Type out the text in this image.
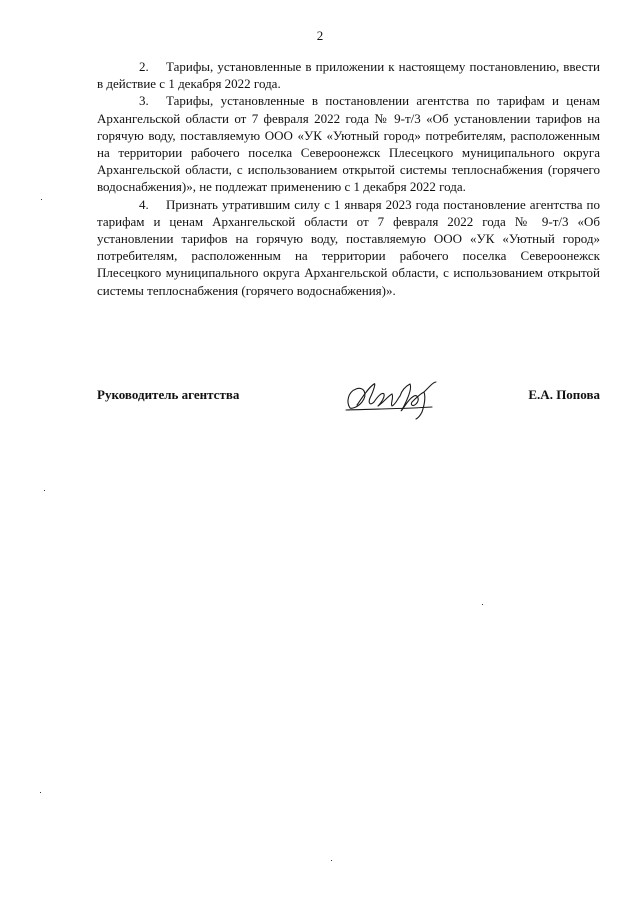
2

2. Тарифы, установленные в приложении к настоящему постановлению, ввести в действие с 1 декабря 2022 года.

3. Тарифы, установленные в постановлении агентства по тарифам и ценам Архангельской области от 7 февраля 2022 года № 9-т/3 «Об установлении тарифов на горячую воду, поставляемую ООО «УК «Уютный город» потребителям, расположенным на территории рабочего поселка Североонежск Плесецкого муниципального округа Архангельской области, с использованием открытой системы теплоснабжения (горячего водоснабжения)», не подлежат применению с 1 декабря 2022 года.

4. Признать утратившим силу с 1 января 2023 года постановление агентства по тарифам и ценам Архангельской области от 7 февраля 2022 года № 9-т/3 «Об установлении тарифов на горячую воду, поставляемую ООО «УК «Уютный город» потребителям, расположенным на территории рабочего поселка Североонежск Плесецкого муниципального округа Архангельской области, с использованием открытой системы теплоснабжения (горячего водоснабжения)».

Руководитель агентства	Е.А. Попова
